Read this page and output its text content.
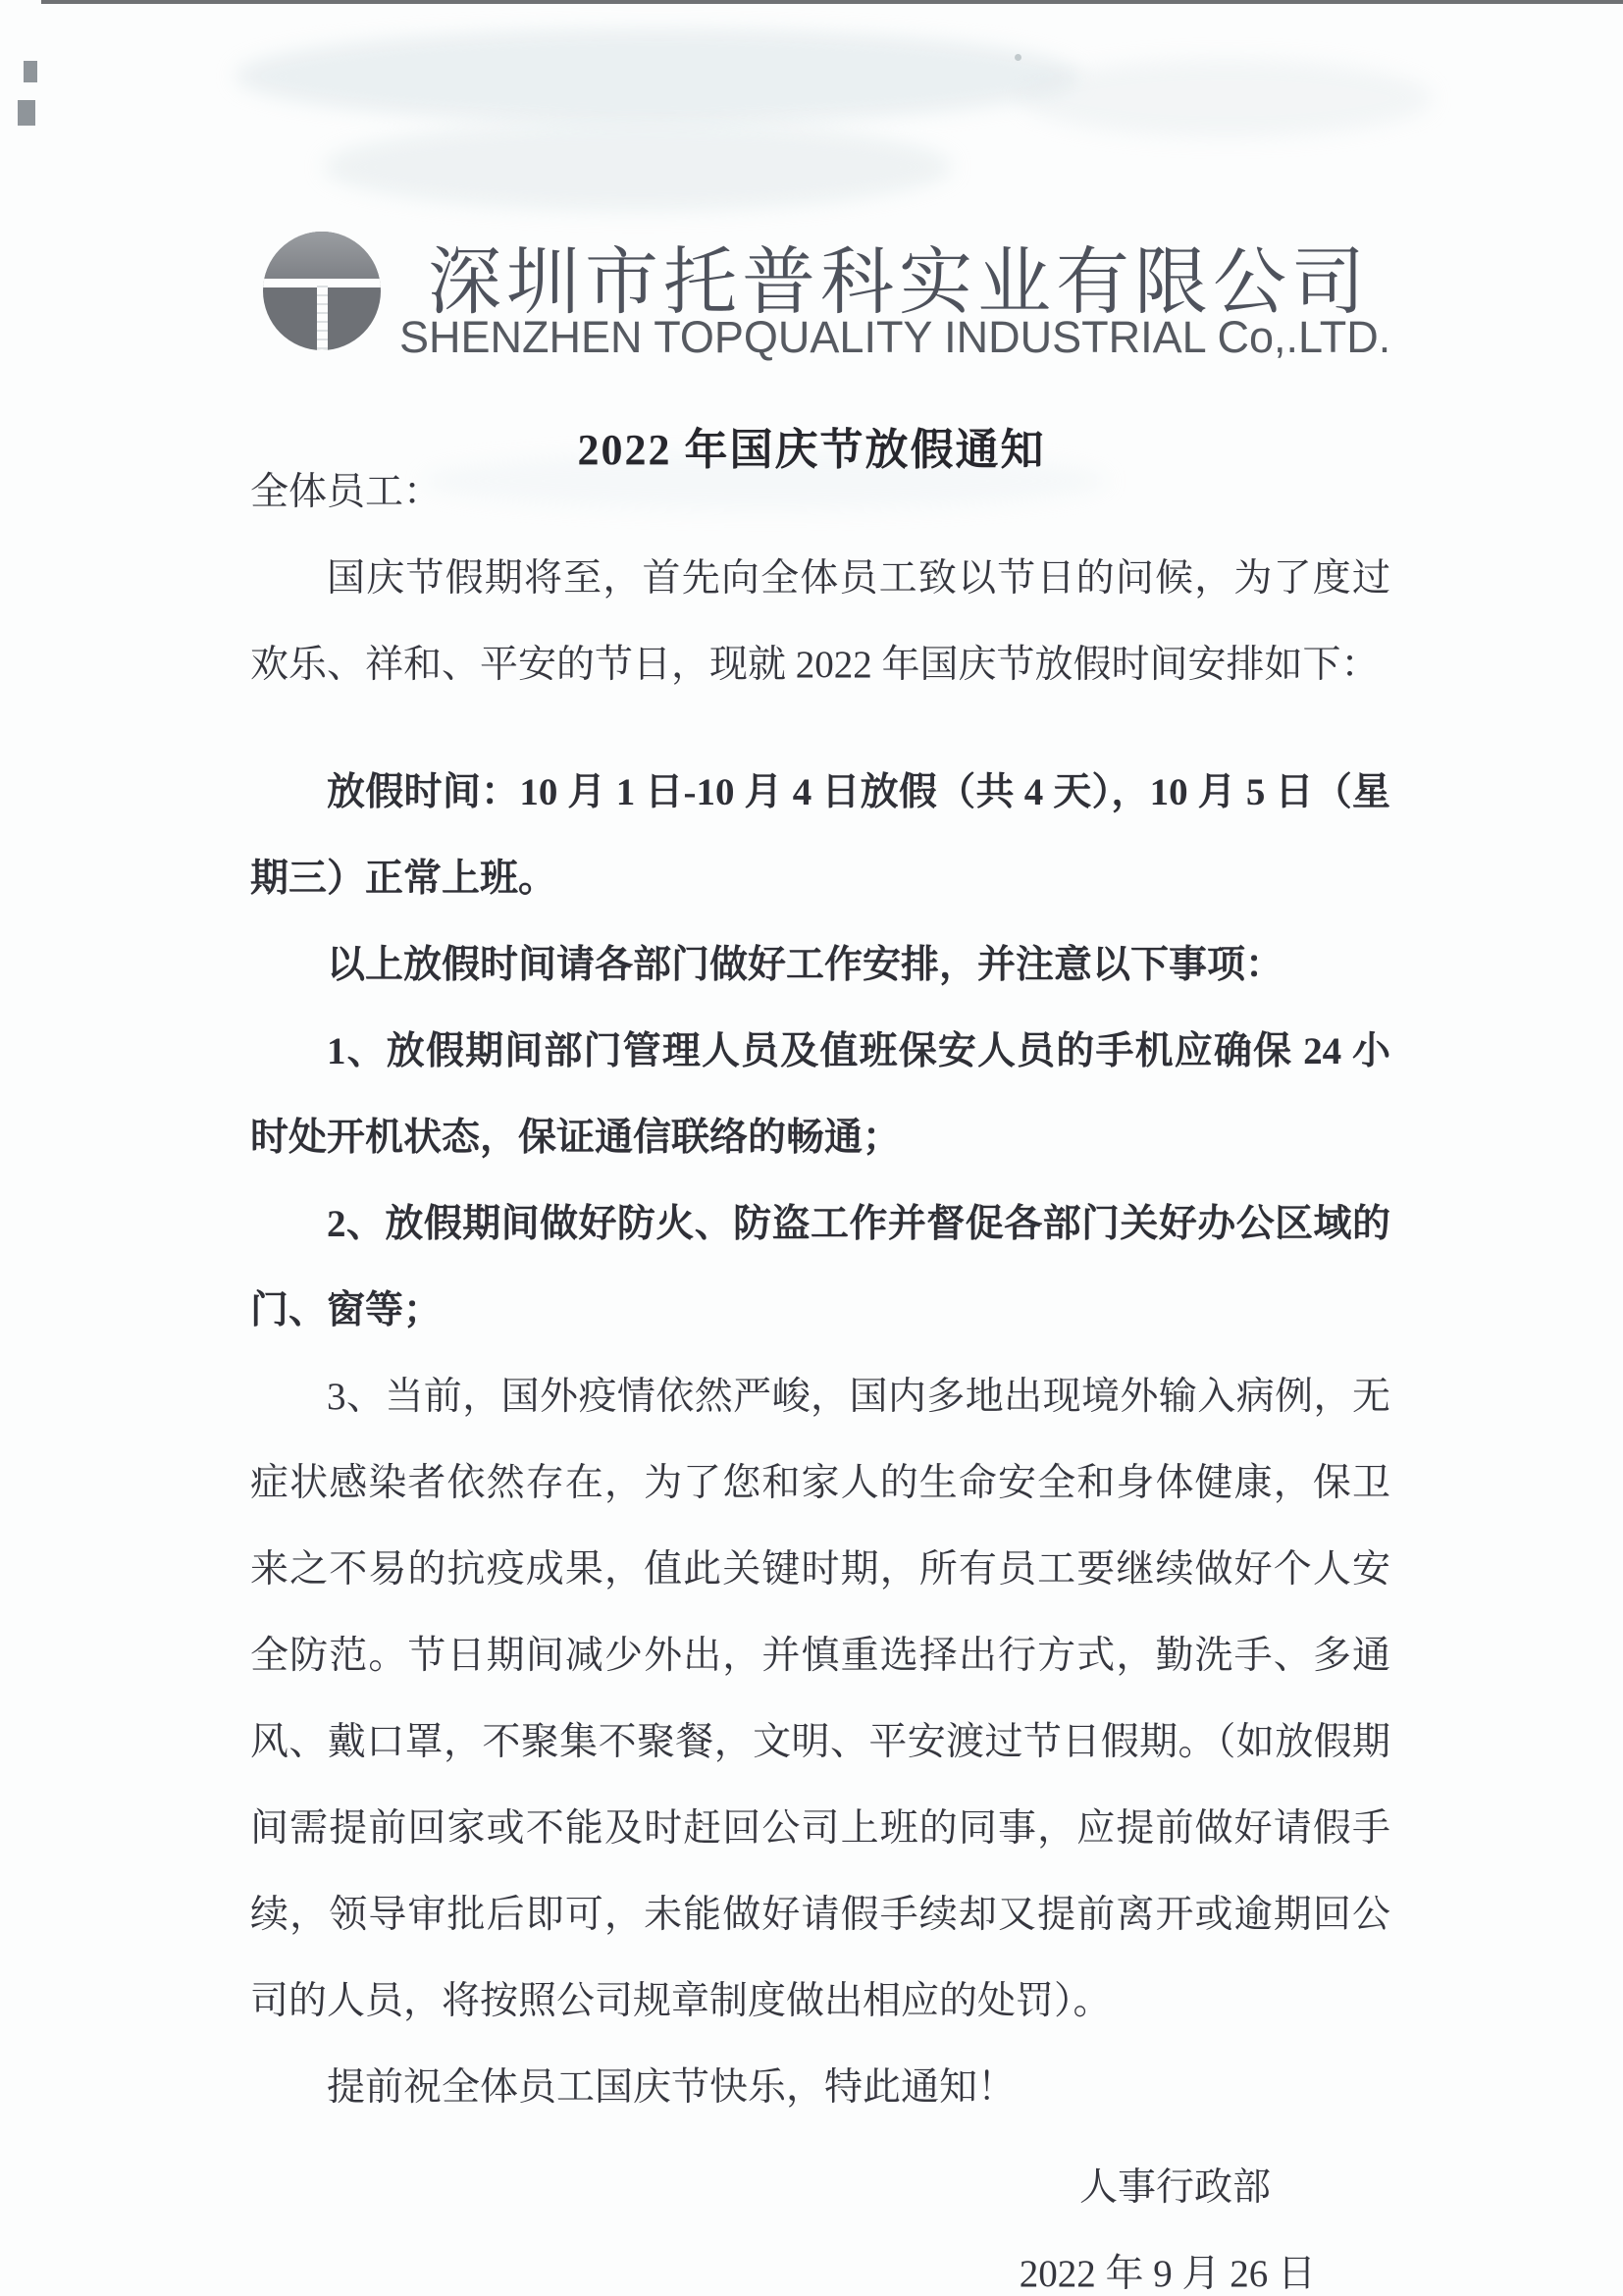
深圳市托普科实业有限公司
SHENZHEN TOPQUALITY INDUSTRIAL Co,.LTD.
2022 年国庆节放假通知
全体员工：
国庆节假期将至，首先向全体员工致以节日的问候，为了度过欢乐、祥和、平安的节日，现就 2022 年国庆节放假时间安排如下：
放假时间：10 月 1 日-10 月 4 日放假（共 4 天），10 月 5 日（星期三）正常上班。
以上放假时间请各部门做好工作安排，并注意以下事项：
1、放假期间部门管理人员及值班保安人员的手机应确保 24 小时处开机状态，保证通信联络的畅通；
2、放假期间做好防火、防盗工作并督促各部门关好办公区域的门、窗等；
3、当前，国外疫情依然严峻，国内多地出现境外输入病例，无症状感染者依然存在，为了您和家人的生命安全和身体健康，保卫来之不易的抗疫成果，值此关键时期，所有员工要继续做好个人安全防范。节日期间减少外出，并慎重选择出行方式，勤洗手、多通风、戴口罩，不聚集不聚餐，文明、平安渡过节日假期。（如放假期间需提前回家或不能及时赶回公司上班的同事，应提前做好请假手续，领导审批后即可，未能做好请假手续却又提前离开或逾期回公司的人员，将按照公司规章制度做出相应的处罚）。
提前祝全体员工国庆节快乐，特此通知！
人事行政部
2022 年 9 月 26 日
